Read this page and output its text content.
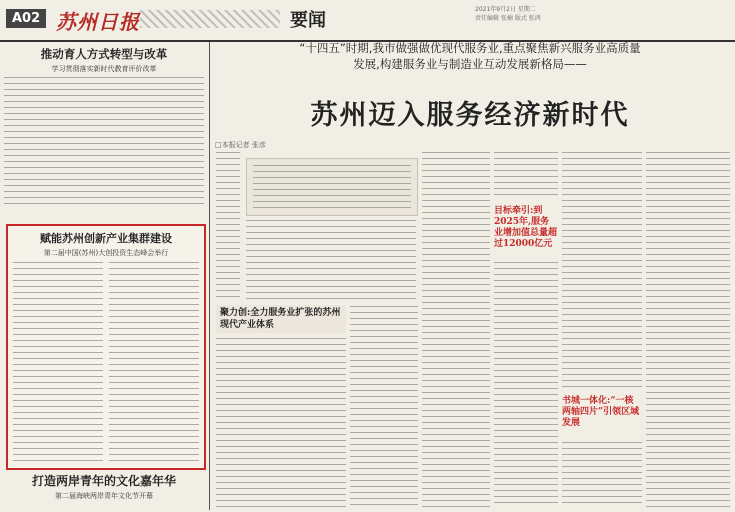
A02 苏州日报	要闻
2021年9月2日 星期二
责任编辑 张楠 版式 张鸿
推动育人方式转型与改革
学习贯彻落实新时代教育评价改革
赋能苏州创新产业集群建设
第二届中国(苏州)大创投资生态峰会举行
打造两岸青年的文化嘉年华
第二届海峡两岸青年文化节开幕
“十四五”时期,我市做强做优现代服务业,重点聚焦新兴服务业高质量
发展,构建服务业与制造业互动发展新格局——
苏州迈入服务经济新时代
□本报记者 张彦
聚力创:全力服务业扩张的苏州现代产业体系
目标牵引:到2025年,服务业增加值总量超过12000亿元
书城一体化:“一核两轴四片”引领区域发展
